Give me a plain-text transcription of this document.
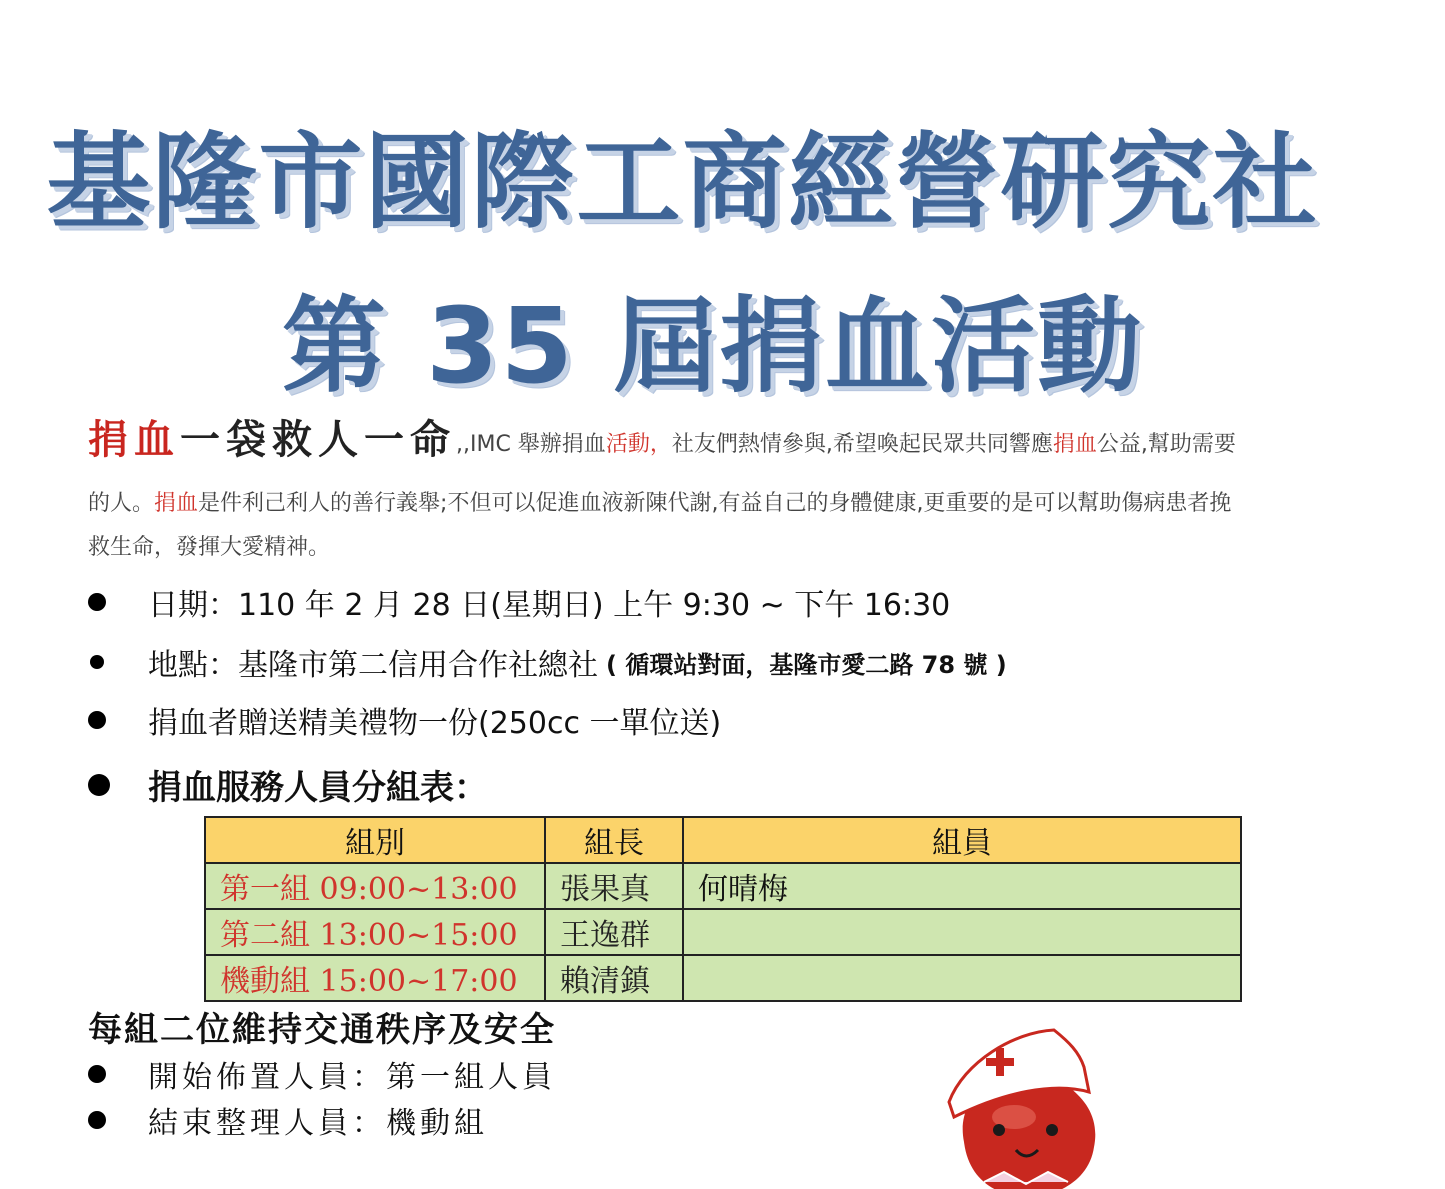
基隆市國際工商經營研究社
第 35 屆捐血活動

捐血一袋救人一命,,IMC 舉辦捐血活動，社友們熱情參與,希望喚起民眾共同響應捐血公益,幫助需要

的人。捐血是件利己利人的善行義舉;不但可以促進血液新陳代謝,有益自己的身體健康,更重要的是可以幫助傷病患者挽
救生命，發揮大愛精神。

日期：110 年 2 月 28 日(星期日) 上午 9:30 ~ 下午 16:30
地點：基隆市第二信用合作社總社 ( 循環站對面，基隆市愛二路 78 號 )
捐血者贈送精美禮物一份(250cc 一單位送)
捐血服務人員分組表：
組別	組長	組員
第一組 09:00~13:00	張果真	何晴梅
第二組 13:00~15:00	王逸群	
機動組 15:00~17:00	賴清鎮	

每組二位維持交通秩序及安全

開始佈置人員：第一組人員
結束整理人員：機動組
